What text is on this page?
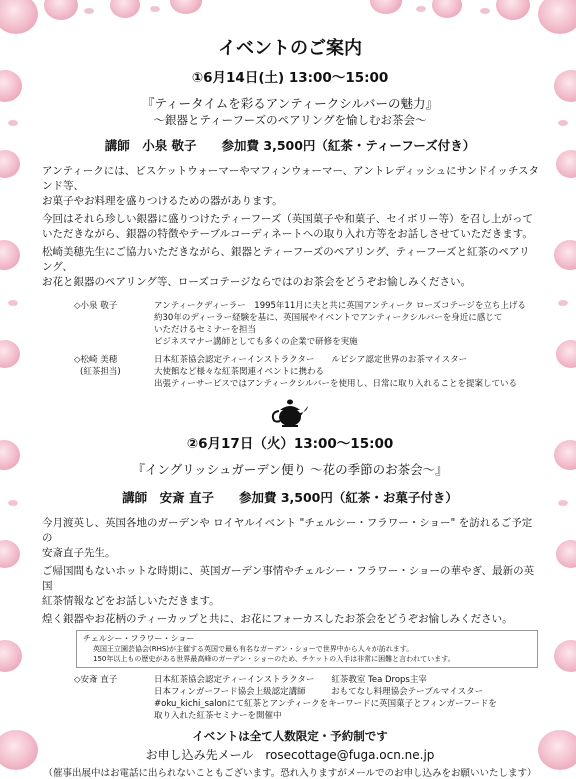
イベントのご案内
①6月14日(土) 13:00～15:00
『ティータイムを彩るアンティークシルバーの魅力』
～銀器とティーフーズのペアリングを愉しむお茶会～
講師　小泉 敬子　　参加費 3,500円（紅茶・ティーフーズ付き）
アンティークには、ビスケットウォーマーやマフィンウォーマー、アントレディッシュにサンドイッチスタンド等、
お菓子やお料理を盛りつけるための器があります。
今回はそれら珍しい銀器に盛りつけたティーフーズ（英国菓子や和菓子、セイボリー等）を召し上がって
いただきながら、銀器の特徴やテーブルコーディネートへの取り入れ方等をお話しさせていただきます。
松崎美穂先生にご協力いただきながら、銀器とティーフーズのペアリング、ティーフーズと紅茶のペアリング、
お花と銀器のペアリング等、ローズコテージならではのお茶会をどうぞお愉しみください。
◇小泉 敬子	アンティークディーラー　1995年11月に夫と共に英国アンティーク ローズコテージを立ち上げる
約30年のディーラー経験を基に、英国展やイベントでアンティークシルバーを身近に感じて
いただけるセミナーを担当
ビジネスマナー講師としても多くの企業で研修を実施
◇松崎 美穂
(紅茶担当)
日本紅茶協会認定ティーインストラクター　　ルピシア認定世界のお茶マイスター
大使館など様々な紅茶関連イベントに携わる
出張ティーサービスではアンティークシルバーを使用し、日常に取り入れることを提案している
②6月17日（火）13:00～15:00
『イングリッシュガーデン便り ～花の季節のお茶会～』
講師　安斎 直子　　参加費 3,500円（紅茶・お菓子付き）
今月渡英し、英国各地のガーデンや ロイヤルイベント "チェルシー・フラワー・ショー" を訪れるご予定の
安斎直子先生。
ご帰国間もないホットな時期に、英国ガーデン事情やチェルシー・フラワー・ショーの華やぎ、最新の英国
紅茶情報などをお話しいただきます。
煌く銀器やお花柄のティーカップと共に、お花にフォーカスしたお茶会をどうぞお愉しみください。
チェルシー・フラワー・ショー
英国王立園芸協会(RHS)が主催する英国で最も有名なガーデン・ショーで世界中から人々が訪れます。
150年以上もの歴史がある世界最高峰のガーデン・ショーのため、チケットの入手は非常に困難と言われています。
◇安斎 直子	日本紅茶協会認定ティーインストラクター　　紅茶教室 Tea Drops主宰
日本フィンガーフード協会上級認定講師　　　おもてなし料理協会テーブルマイスター
#oku_kichi_salonにて紅茶とアンティークをキーワードに英国菓子とフィンガーフードを
取り入れた紅茶セミナーを開催中
イベントは全て人数限定・予約制です
お申し込み先メール　rosecottage@fuga.ocn.ne.jp
（催事出展中はお電話に出られないこともございます。恐れ入りますがメールでのお申し込みをお願いいたします）
